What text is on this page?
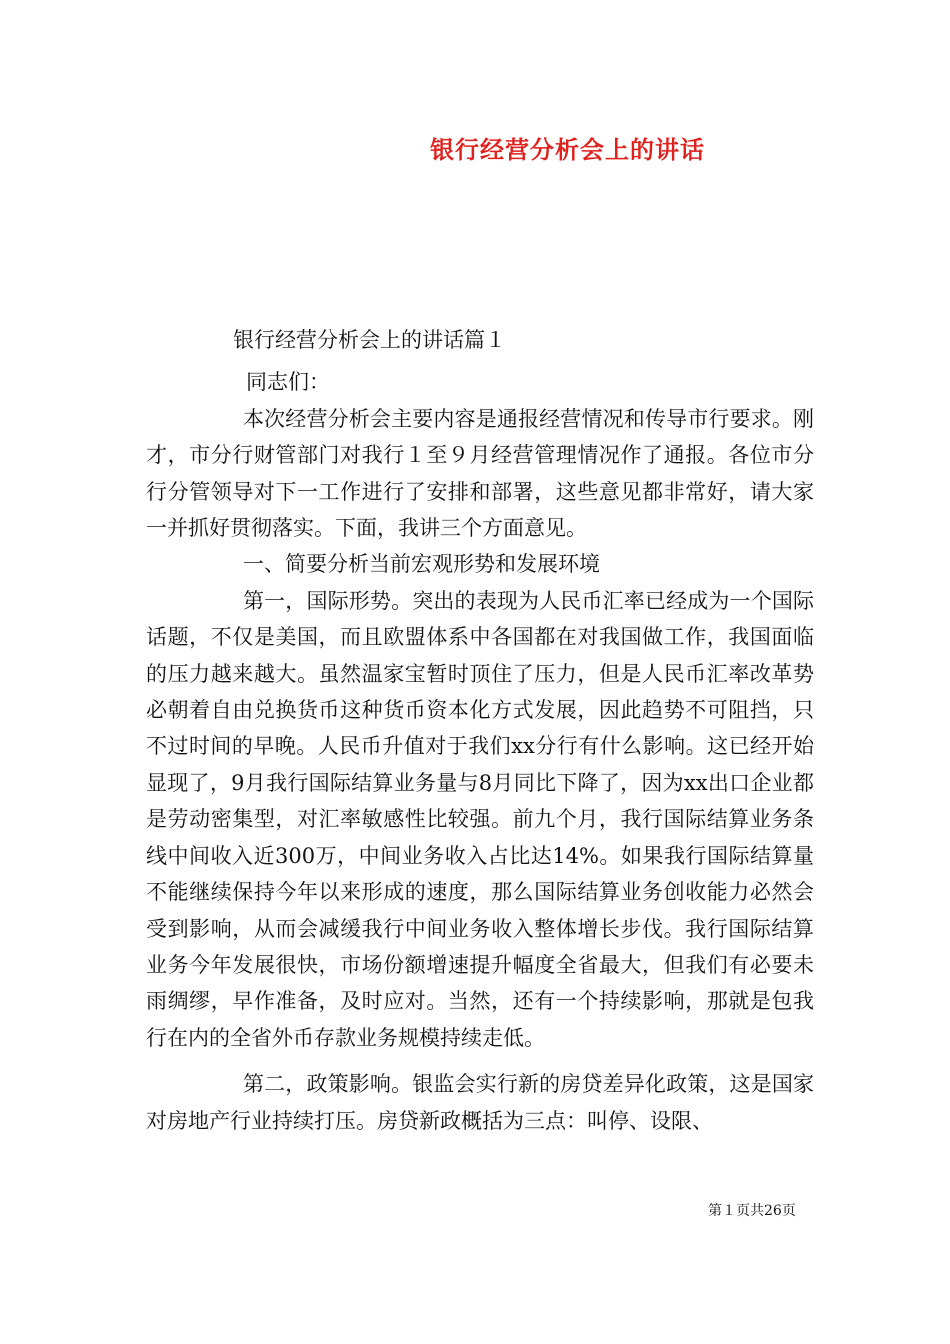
银行经营分析会上的讲话

银行经营分析会上的讲话篇１

同志们：

本次经营分析会主要内容是通报经营情况和传导市行要求。刚才，市分行财管部门对我行１至９月经营管理情况作了通报。各位市分行分管领导对下一工作进行了安排和部署，这些意见都非常好，请大家一并抓好贯彻落实。下面，我讲三个方面意见。

一、简要分析当前宏观形势和发展环境

第一，国际形势。突出的表现为人民币汇率已经成为一个国际话题，不仅是美国，而且欧盟体系中各国都在对我国做工作，我国面临的压力越来越大。虽然温家宝暂时顶住了压力，但是人民币汇率改革势必朝着自由兑换货币这种货币资本化方式发展，因此趋势不可阻挡，只不过时间的早晚。人民币升值对于我们xx分行有什么影响。这已经开始显现了，9月我行国际结算业务量与8月同比下降了，因为xx出口企业都是劳动密集型，对汇率敏感性比较强。前九个月，我行国际结算业务条线中间收入近300万，中间业务收入占比达14%。如果我行国际结算量不能继续保持今年以来形成的速度，那么国际结算业务创收能力必然会受到影响，从而会减缓我行中间业务收入整体增长步伐。我行国际结算业务今年发展很快，市场份额增速提升幅度全省最大，但我们有必要未雨绸缪，早作准备，及时应对。当然，还有一个持续影响，那就是包我行在内的全省外币存款业务规模持续走低。

第二，政策影响。银监会实行新的房贷差异化政策，这是国家对房地产行业持续打压。房贷新政概括为三点：叫停、设限、

第１页共26页
